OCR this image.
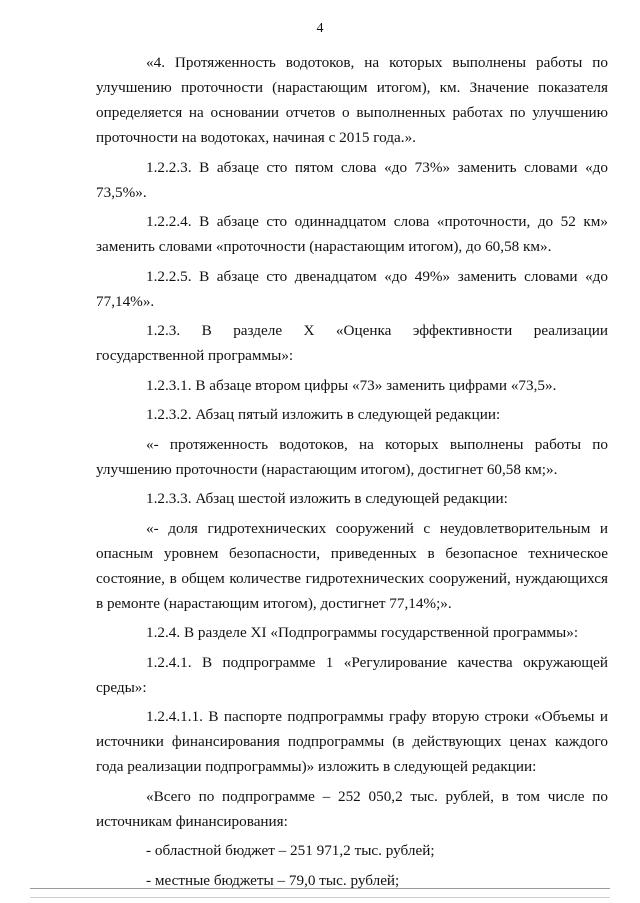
4

«4. Протяженность водотоков, на которых выполнены работы по улучшению проточности (нарастающим итогом), км. Значение показателя определяется на основании отчетов о выполненных работах по улучшению проточности на водотоках, начиная с 2015 года.».

1.2.2.3. В абзаце сто пятом слова «до 73%» заменить словами «до 73,5%».

1.2.2.4. В абзаце сто одиннадцатом слова «проточности, до 52 км» заменить словами «проточности (нарастающим итогом), до 60,58 км».

1.2.2.5. В абзаце сто двенадцатом «до 49%» заменить словами «до 77,14%».

1.2.3. В разделе X «Оценка эффективности реализации государственной программы»:

1.2.3.1. В абзаце втором цифры «73» заменить цифрами «73,5».

1.2.3.2. Абзац пятый изложить в следующей редакции:

«- протяженность водотоков, на которых выполнены работы по улучшению проточности (нарастающим итогом), достигнет 60,58 км;».

1.2.3.3. Абзац шестой изложить в следующей редакции:

«- доля гидротехнических сооружений с неудовлетворительным и опасным уровнем безопасности, приведенных в безопасное техническое состояние, в общем количестве гидротехнических сооружений, нуждающихся в ремонте (нарастающим итогом), достигнет 77,14%;».

1.2.4. В разделе XI «Подпрограммы государственной программы»:

1.2.4.1. В подпрограмме 1 «Регулирование качества окружающей среды»:

1.2.4.1.1. В паспорте подпрограммы графу вторую строки «Объемы и источники финансирования подпрограммы (в действующих ценах каждого года реализации подпрограммы)» изложить в следующей редакции:

«Всего по подпрограмме – 252 050,2 тыс. рублей, в том числе по источникам финансирования:

- областной бюджет – 251 971,2 тыс. рублей;

- местные бюджеты – 79,0 тыс. рублей;
